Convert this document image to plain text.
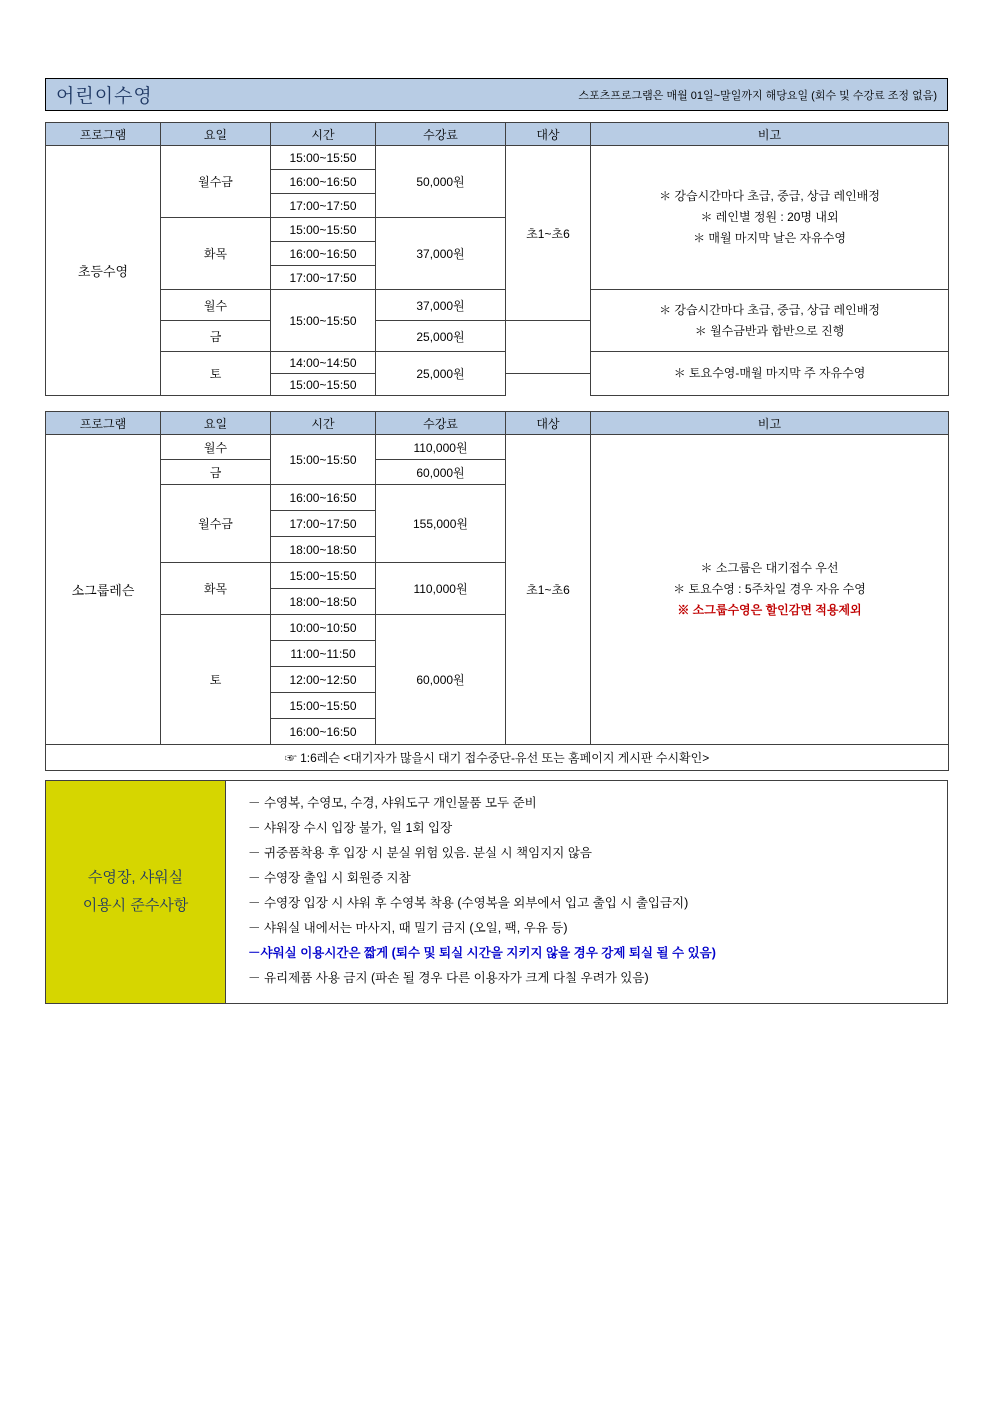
어린이수영	스포츠프로그램은 매월 01일~말일까지 해당요일 (회수 및 수강료 조정 없음)
프로그램	요일	시간	수강료	대상	비고
초등수영	월수금	15:00~15:50	50,000원	초1~초6	＊ 강습시간마다 초급, 중급, 상급 레인배정
＊ 레인별 정원 : 20명 내외
＊ 매월 마지막 날은 자유수영

		16:00~16:50			
		17:00~17:50			
	화목	15:00~15:50	37,000원		
		16:00~16:50			
		17:00~17:50			
	월수	15:00~15:50	37,000원		＊ 강습시간마다 초급, 중급, 상급 레인배정
＊ 월수금반과 합반으로 진행

	금		25,000원		
	토	14:00~14:50	25,000원		＊ 토요수영-매월 마지막 주 자유수영

		15:00~15:50			
프로그램	요일	시간	수강료	대상	비고
소그룹레슨	월수	15:00~15:50	110,000원	초1~초6	＊ 소그룹은 대기접수 우선
＊ 토요수영 : 5주차일 경우 자유 수영
※ 소그룹수영은 할인감면 적용제외

	금		60,000원		
	월수금	16:00~16:50	155,000원		
		17:00~17:50			
		18:00~18:50			
	화목	15:00~15:50	110,000원		
		18:00~18:50			
	토	10:00~10:50	60,000원		
		11:00~11:50			
		12:00~12:50			
		15:00~15:50			
		16:00~16:50			
☞ 1:6레슨 <대기자가 많을시 대기 접수중단-유선 또는 홈페이지 게시판 수시확인>					
수영장, 샤워실
이용시 준수사항
－ 수영복, 수영모, 수경, 샤워도구 개인물품 모두 준비
－ 샤워장 수시 입장 불가, 일 1회 입장
－ 귀중품착용 후 입장 시 분실 위험 있음. 분실 시 책임지지 않음
－ 수영장 출입 시 회원증 지참
－ 수영장 입장 시 샤워 후 수영복 착용 (수영복을 외부에서 입고 출입 시 출입금지)
－ 샤워실 내에서는 마사지, 때 밀기 금지 (오일, 팩, 우유 등)
－샤워실 이용시간은 짧게 (퇴수 및 퇴실 시간을 지키지 않을 경우 강제 퇴실 될 수 있음)
－ 유리제품 사용 금지 (파손 될 경우 다른 이용자가 크게 다칠 우려가 있음)
